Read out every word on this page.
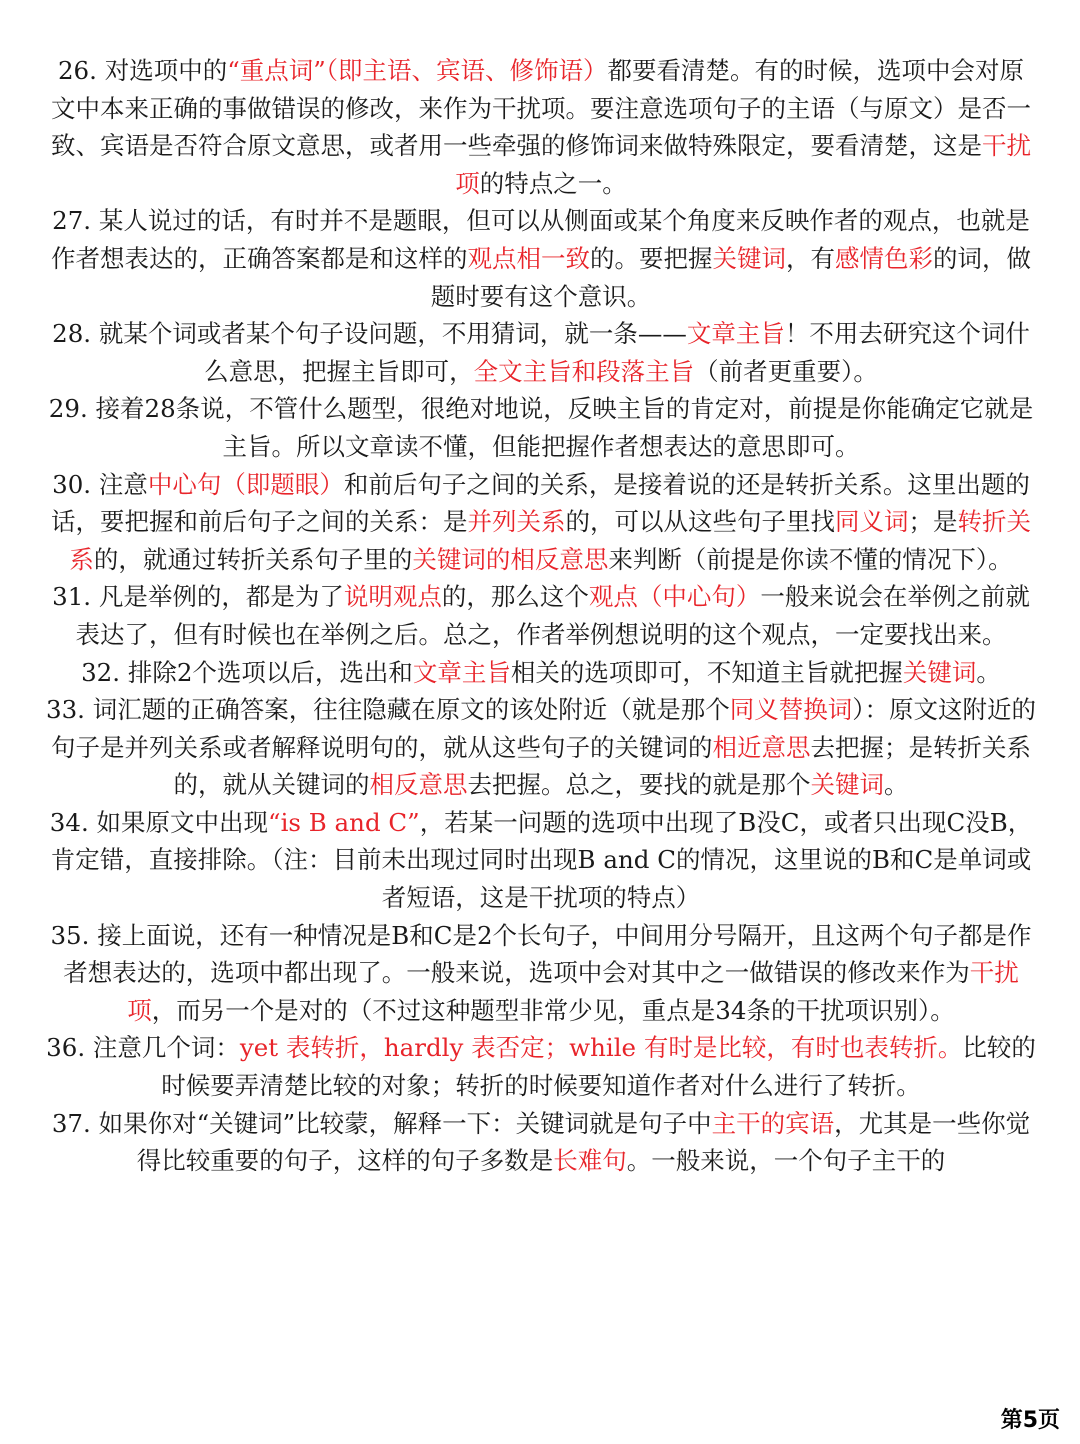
26. 对选项中的“重点词”（即主语、宾语、修饰语）都要看清楚。有的时候，选项中会对原文中本来正确的事做错误的修改，来作为干扰项。要注意选项句子的主语（与原文）是否一致、宾语是否符合原文意思，或者用一些牵强的修饰词来做特殊限定，要看清楚，这是干扰项的特点之一。

27. 某人说过的话，有时并不是题眼，但可以从侧面或某个角度来反映作者的观点，也就是作者想表达的，正确答案都是和这样的观点相一致的。要把握关键词，有感情色彩的词，做题时要有这个意识。

28. 就某个词或者某个句子设问题，不用猜词，就一条——文章主旨！不用去研究这个词什么意思，把握主旨即可，全文主旨和段落主旨（前者更重要）。

29. 接着28条说，不管什么题型，很绝对地说，反映主旨的肯定对，前提是你能确定它就是主旨。所以文章读不懂，但能把握作者想表达的意思即可。

30. 注意中心句（即题眼）和前后句子之间的关系，是接着说的还是转折关系。这里出题的话，要把握和前后句子之间的关系：是并列关系的，可以从这些句子里找同义词；是转折关系的，就通过转折关系句子里的关键词的相反意思来判断（前提是你读不懂的情况下）。

31. 凡是举例的，都是为了说明观点的，那么这个观点（中心句）一般来说会在举例之前就表达了，但有时候也在举例之后。总之，作者举例想说明的这个观点，一定要找出来。

32. 排除2个选项以后，选出和文章主旨相关的选项即可，不知道主旨就把握关键词。

33. 词汇题的正确答案，往往隐藏在原文的该处附近（就是那个同义替换词）：原文这附近的句子是并列关系或者解释说明句的，就从这些句子的关键词的相近意思去把握；是转折关系的，就从关键词的相反意思去把握。总之，要找的就是那个关键词。

34. 如果原文中出现“is B and C”，若某一问题的选项中出现了B没C，或者只出现C没B，肯定错，直接排除。（注：目前未出现过同时出现B and C的情况，这里说的B和C是单词或者短语，这是干扰项的特点）

35. 接上面说，还有一种情况是B和C是2个长句子，中间用分号隔开，且这两个句子都是作者想表达的，选项中都出现了。一般来说，选项中会对其中之一做错误的修改来作为干扰项，而另一个是对的（不过这种题型非常少见，重点是34条的干扰项识别）。

36. 注意几个词：yet 表转折，hardly 表否定；while 有时是比较，有时也表转折。比较的时候要弄清楚比较的对象；转折的时候要知道作者对什么进行了转折。

37. 如果你对“关键词”比较蒙，解释一下：关键词就是句子中主干的宾语，尤其是一些你觉得比较重要的句子，这样的句子多数是长难句。一般来说，一个句子主干的

第5页
